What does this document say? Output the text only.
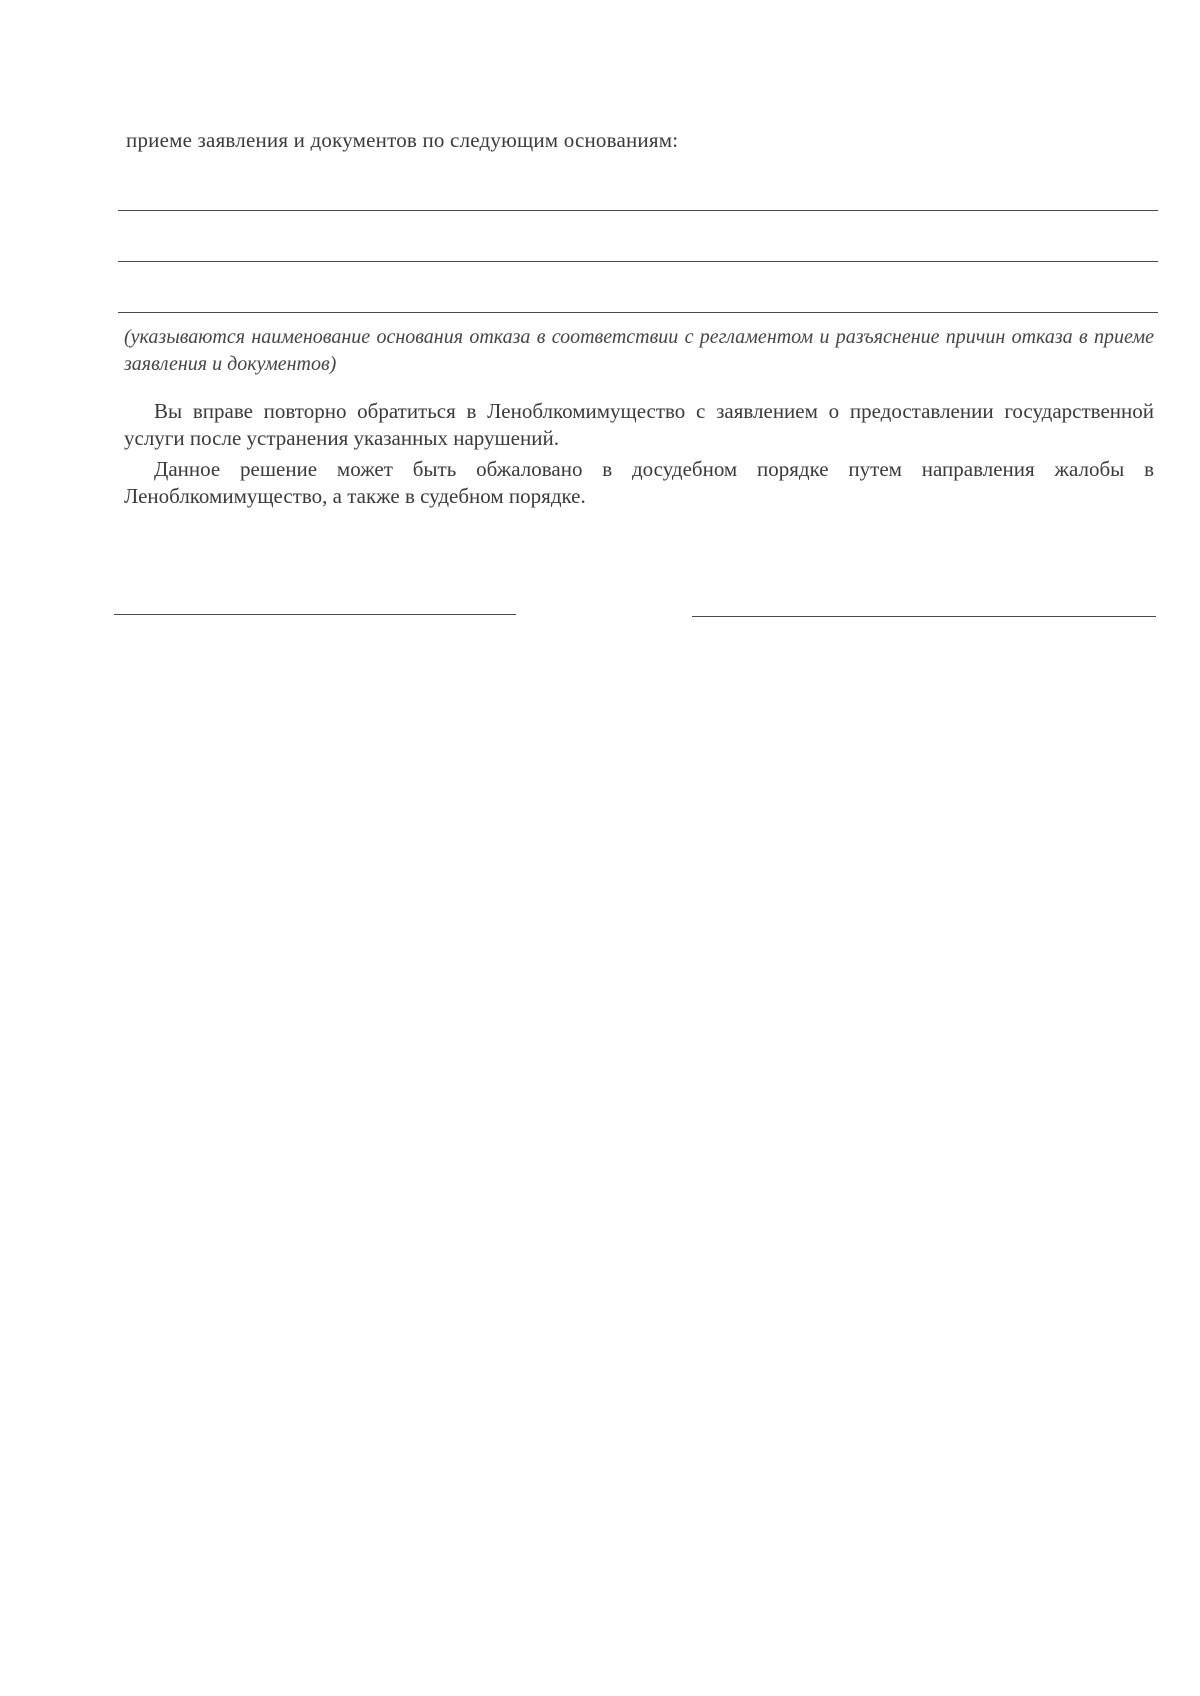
приеме заявления и документов по следующим основаниям:
(указываются наименование основания отказа в соответствии с регламентом и разъяснение причин отказа в приеме заявления и документов)
Вы вправе повторно обратиться в Леноблкомимущество с заявлением о предоставлении государственной услуги после устранения указанных нарушений.
Данное решение может быть обжаловано в досудебном порядке путем направления жалобы в Леноблкомимущество, а также в судебном порядке.
